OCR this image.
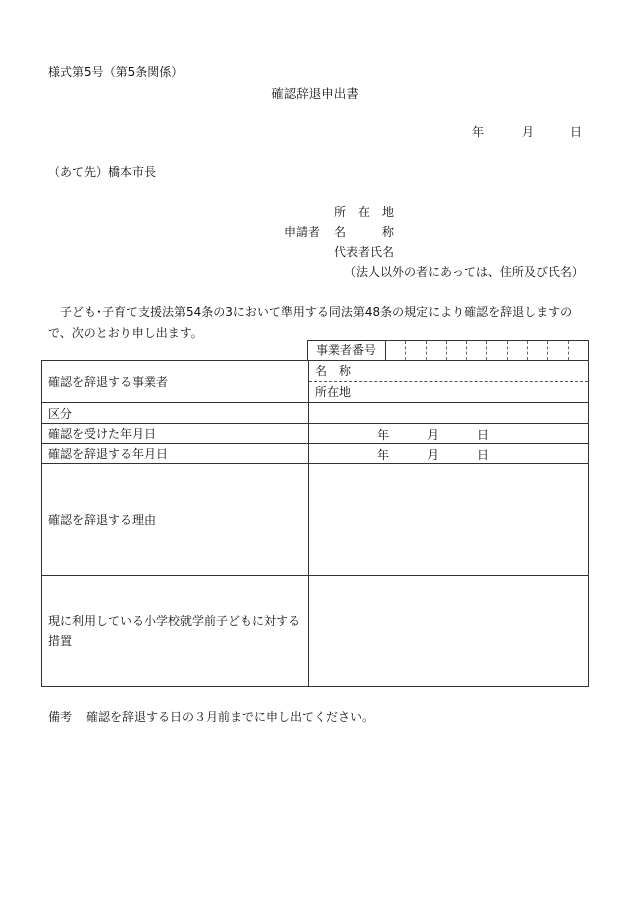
様式第5号（第5条関係）
確認辞退申出書
年	月	日
（あて先）橋本市長
所　在　地
申請者 名　　　称
代表者氏名
（法人以外の者にあっては、住所及び氏名）
子ども･子育て支援法第54条の3において準用する同法第48条の規定により確認を辞退しますので、次のとおり申し出ます。
事業者番号
確認を辞退する事業者	名　称
所在地

区分	
確認を受けた年月日	年 月 日

確認を辞退する年月日	年 月 日

確認を辞退する理由	
現に利用している小学校就学前子どもに対する措置	
備考 確認を辞退する日の３月前までに申し出てください。
